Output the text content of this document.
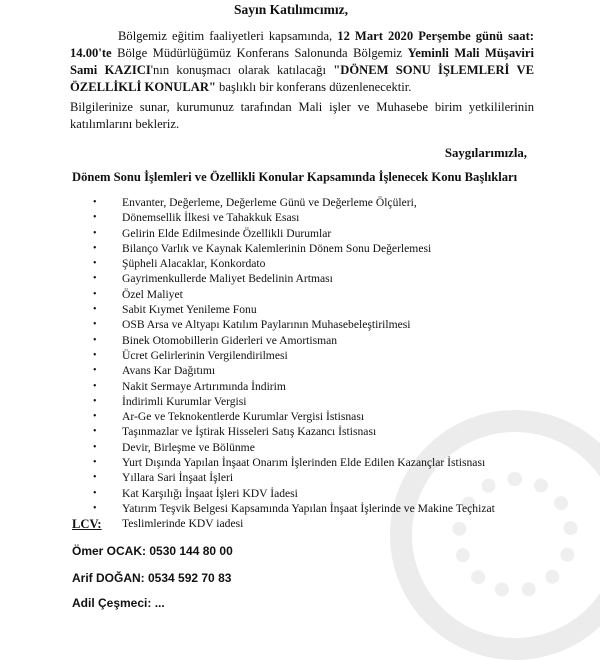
Sayın Katılımcımız,

Bölgemiz eğitim faaliyetleri kapsamında, 12 Mart 2020 Perşembe günü saat: 14.00'te Bölge Müdürlüğümüz Konferans Salonunda Bölgemiz Yeminli Mali Müşaviri Sami KAZICI'nın konuşmacı olarak katılacağı "DÖNEM SONU İŞLEMLERİ VE ÖZELLİKLİ KONULAR" başlıklı bir konferans düzenlenecektir.

Bilgilerinize sunar, kurumunuz tarafından Mali işler ve Muhasebe birim yetkililerinin katılımlarını bekleriz.

Saygılarımızla,
Dönem Sonu İşlemleri ve Özellikli Konular Kapsamında İşlenecek Konu Başlıkları
• Envanter, Değerleme, Değerleme Günü ve Değerleme Ölçüleri,
• Dönemsellik İlkesi ve Tahakkuk Esası
• Gelirin Elde Edilmesinde Özellikli Durumlar
• Bilanço Varlık ve Kaynak Kalemlerinin Dönem Sonu Değerlemesi
• Şüpheli Alacaklar, Konkordato
• Gayrimenkullerde Maliyet Bedelinin Artması
• Özel Maliyet
• Sabit Kıymet Yenileme Fonu
• OSB Arsa ve Altyapı Katılım Paylarının Muhasebeleştirilmesi
• Binek Otomobillerin Giderleri ve Amortisman
• Ücret Gelirlerinin Vergilendirilmesi
• Avans Kar Dağıtımı
• Nakit Sermaye Artırımında İndirim
• İndirimli Kurumlar Vergisi
• Ar-Ge ve Teknokentlerde Kurumlar Vergisi İstisnası
• Taşınmazlar ve İştirak Hisseleri Satış Kazancı İstisnası
• Devir, Birleşme ve Bölünme
• Yurt Dışında Yapılan İnşaat Onarım İşlerinden Elde Edilen Kazançlar İstisnası
• Yıllara Sari İnşaat İşleri
• Kat Karşılığı İnşaat İşleri KDV İadesi
• Yatırım Teşvik Belgesi Kapsamında Yapılan İnşaat İşlerinde ve Makine Teçhizat Teslimlerinde KDV iadesi
LCV:
Ömer OCAK: 0530 144 80 00
Arif DOĞAN: 0534 592 70 83
Adil Çeşmeci: ...
